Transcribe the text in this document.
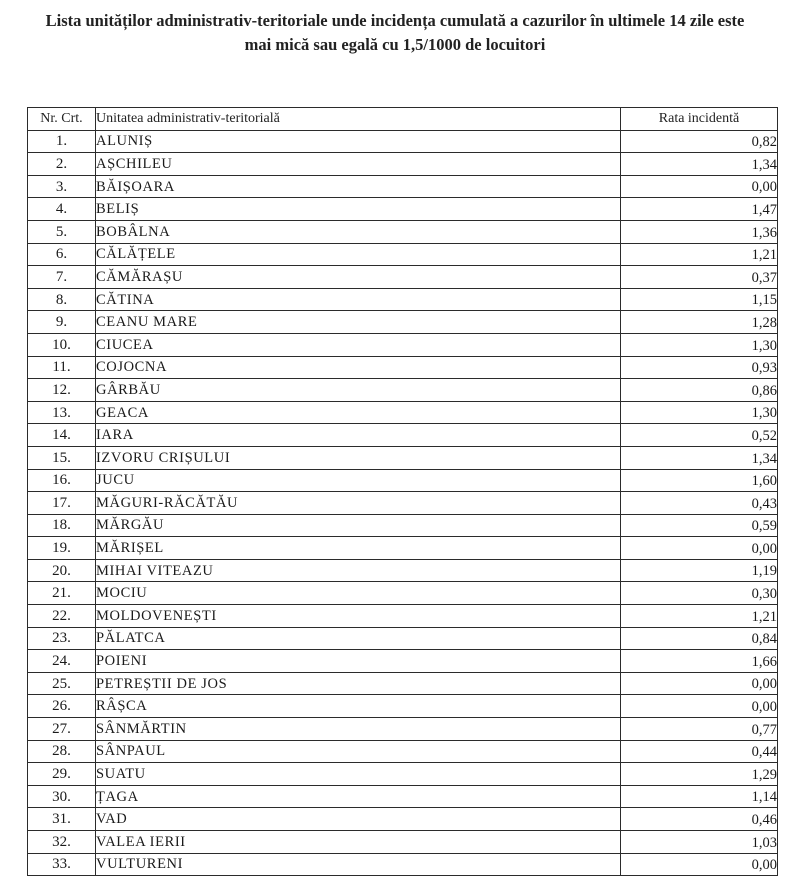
Lista unităților administrativ-teritoriale unde incidența cumulată a cazurilor în ultimele 14 zile este
mai mică sau egală cu 1,5/1000 de locuitori
Nr. Crt.	Unitatea administrativ-teritorială	Rata incidentă
1.	ALUNIȘ	0,82
2.	AȘCHILEU	1,34
3.	BĂIȘOARA	0,00
4.	BELIȘ	1,47
5.	BOBÂLNA	1,36
6.	CĂLĂȚELE	1,21
7.	CĂMĂRAȘU	0,37
8.	CĂTINA	1,15
9.	CEANU MARE	1,28
10.	CIUCEA	1,30
11.	COJOCNA	0,93
12.	GÂRBĂU	0,86
13.	GEACA	1,30
14.	IARA	0,52
15.	IZVORU CRIȘULUI	1,34
16.	JUCU	1,60
17.	MĂGURI-RĂCĂTĂU	0,43
18.	MĂRGĂU	0,59
19.	MĂRIȘEL	0,00
20.	MIHAI VITEAZU	1,19
21.	MOCIU	0,30
22.	MOLDOVENEȘTI	1,21
23.	PĂLATCA	0,84
24.	POIENI	1,66
25.	PETREȘTII DE JOS	0,00
26.	RÂȘCA	0,00
27.	SÂNMĂRTIN	0,77
28.	SÂNPAUL	0,44
29.	SUATU	1,29
30.	ȚAGA	1,14
31.	VAD	0,46
32.	VALEA IERII	1,03
33.	VULTURENI	0,00
